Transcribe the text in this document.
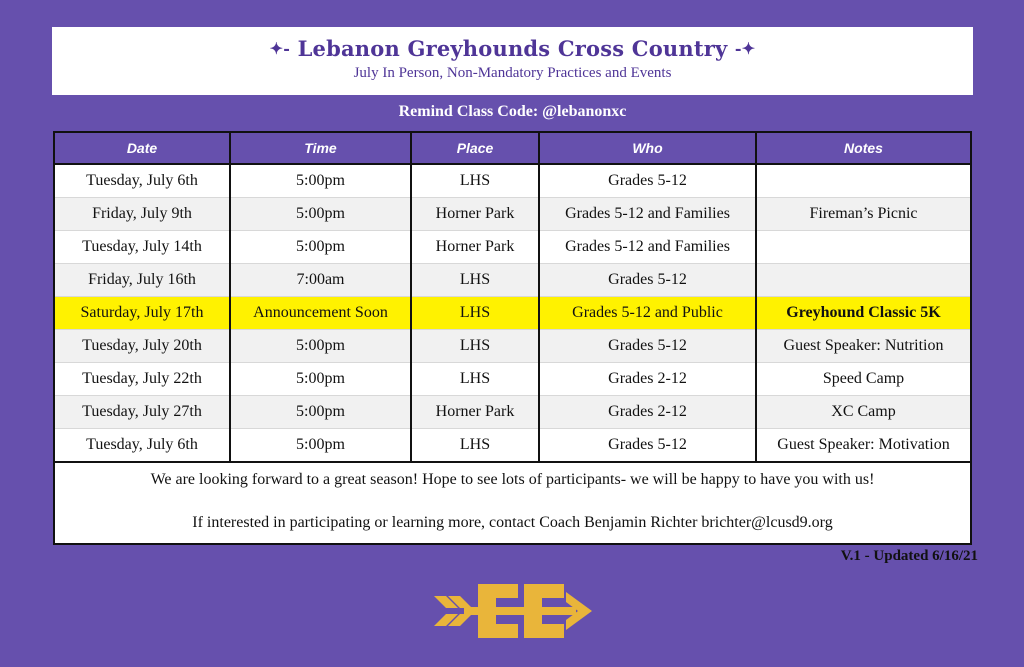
✦- Lebanon Greyhounds Cross Country -✦
July In Person, Non-Mandatory Practices and Events
Remind Class Code: @lebanonxc
Date	Time	Place	Who	Notes
Tuesday, July 6th	5:00pm	LHS	Grades 5-12	
Friday, July 9th	5:00pm	Horner Park	Grades 5-12 and Families	Fireman’s Picnic
Tuesday, July 14th	5:00pm	Horner Park	Grades 5-12 and Families	
Friday, July 16th	7:00am	LHS	Grades 5-12	
Saturday, July 17th	Announcement Soon	LHS	Grades 5-12 and Public	Greyhound Classic 5K
Tuesday, July 20th	5:00pm	LHS	Grades 5-12	Guest Speaker: Nutrition
Tuesday, July 22th	5:00pm	LHS	Grades 2-12	Speed Camp
Tuesday, July 27th	5:00pm	Horner Park	Grades 2-12	XC Camp
Tuesday, July 6th	5:00pm	LHS	Grades 5-12	Guest Speaker: Motivation
We are looking forward to a great season! Hope to see lots of participants- we will be happy to have you with us!
If interested in participating or learning more, contact Coach Benjamin Richter brichter@lcusd9.org
V.1 - Updated 6/16/21
